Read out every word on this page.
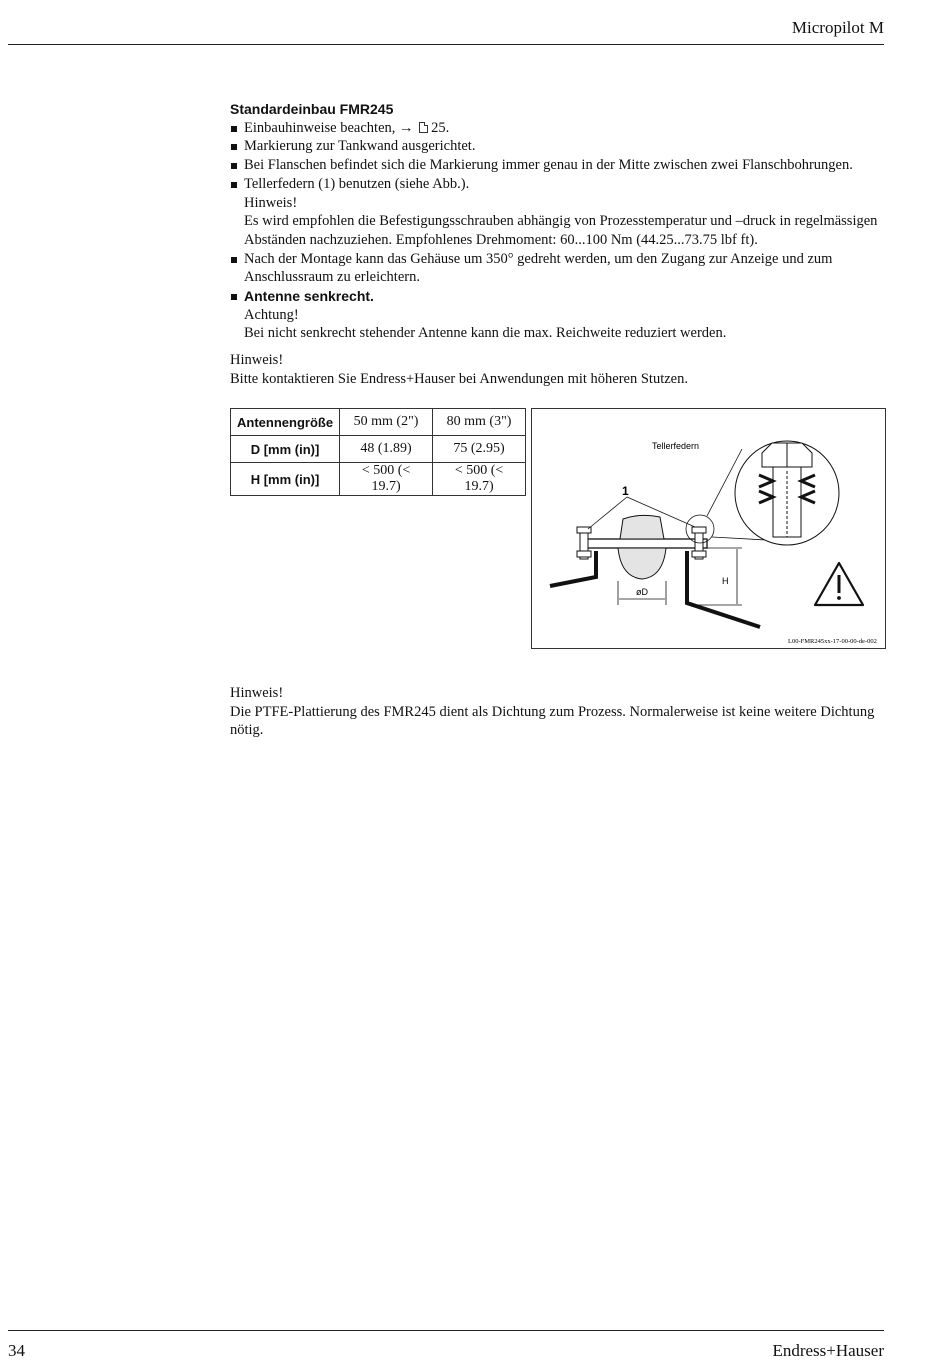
Micropilot M
Standardeinbau FMR245
Einbauhinweise beachten, → 25.
Markierung zur Tankwand ausgerichtet.
Bei Flanschen befindet sich die Markierung immer genau in der Mitte zwischen zwei Flanschbohrungen.
Tellerfedern (1) benutzen (siehe Abb.).
Hinweis!
Es wird empfohlen die Befestigungsschrauben abhängig von Prozesstemperatur und –druck in regelmässigen Abständen nachzuziehen. Empfohlenes Drehmoment: 60...100 Nm (44.25...73.75 lbf ft).
Nach der Montage kann das Gehäuse um 350° gedreht werden, um den Zugang zur Anzeige und zum Anschlussraum zu erleichtern.
Antenne senkrecht.
Achtung!
Bei nicht senkrecht stehender Antenne kann die max. Reichweite reduziert werden.
Hinweis!
Bitte kontaktieren Sie Endress+Hauser bei Anwendungen mit höheren Stutzen.
Antennengröße	50 mm (2")	80 mm (3")
D [mm (in)]	48 (1.89)	75 (2.95)
H [mm (in)]	< 500 (< 19.7)	< 500 (< 19.7)	1
Tellerfedern
øD
H
L00-FMR245xx-17-00-00-de-002
Hinweis!
Die PTFE-Plattierung des FMR245 dient als Dichtung zum Prozess. Normalerweise ist keine weitere Dichtung nötig.
34	Endress+Hauser
